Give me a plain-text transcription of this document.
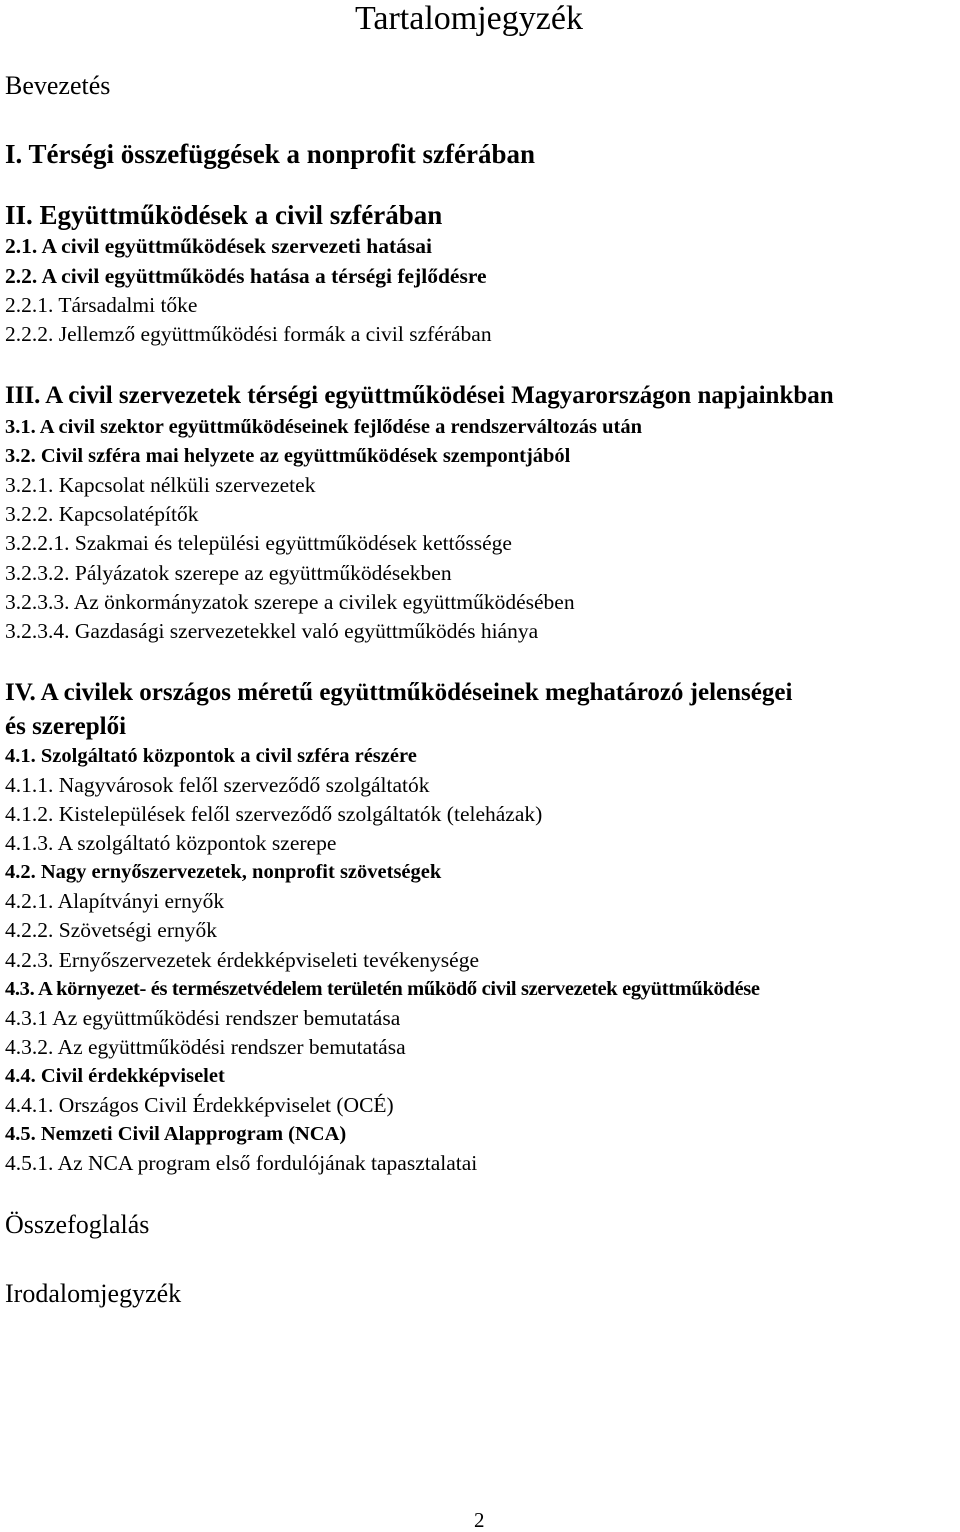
Tartalomjegyzék
Bevezetés
I. Térségi összefüggések a nonprofit szférában
II. Együttműködések a civil szférában
2.1. A civil együttműködések szervezeti hatásai
2.2. A civil együttműködés hatása a térségi fejlődésre
2.2.1. Társadalmi tőke
2.2.2. Jellemző együttműködési formák a civil szférában
III. A civil szervezetek térségi együttműködései Magyarországon napjainkban
3.1. A civil szektor együttműködéseinek fejlődése a rendszerváltozás után
3.2. Civil szféra mai helyzete az együttműködések szempontjából
3.2.1. Kapcsolat nélküli szervezetek
3.2.2. Kapcsolatépítők
3.2.2.1. Szakmai és települési együttműködések kettőssége
3.2.3.2. Pályázatok szerepe az együttműködésekben
3.2.3.3. Az önkormányzatok szerepe a civilek együttműködésében
3.2.3.4. Gazdasági szervezetekkel való együttműködés hiánya
IV. A civilek országos méretű együttműködéseinek meghatározó jelenségei
és szereplői
4.1. Szolgáltató központok a civil szféra részére
4.1.1. Nagyvárosok felől szerveződő szolgáltatók
4.1.2. Kistelepülések felől szerveződő szolgáltatók (teleházak)
4.1.3. A szolgáltató központok szerepe
4.2. Nagy ernyőszervezetek, nonprofit szövetségek
4.2.1. Alapítványi ernyők
4.2.2. Szövetségi ernyők
4.2.3. Ernyőszervezetek érdekképviseleti tevékenysége
4.3. A környezet- és természetvédelem területén működő civil szervezetek együttműködése
4.3.1 Az együttműködési rendszer bemutatása
4.3.2. Az együttműködési rendszer bemutatása
4.4. Civil érdekképviselet
4.4.1. Országos Civil Érdekképviselet (OCÉ)
4.5. Nemzeti Civil Alapprogram (NCA)
4.5.1. Az NCA program első fordulójának tapasztalatai
Összefoglalás
Irodalomjegyzék
2
